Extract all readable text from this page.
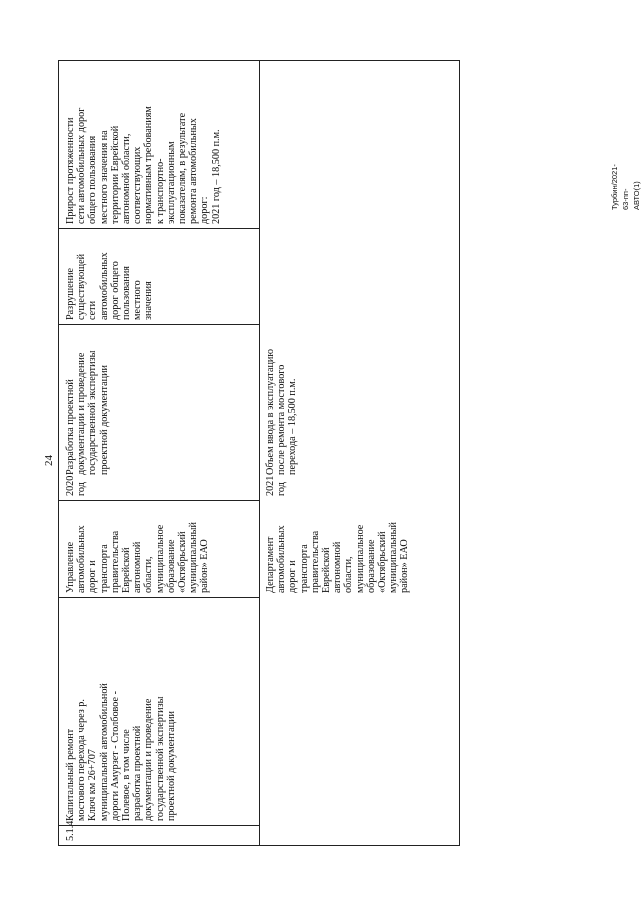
24
Турбин/2021-63-пп-АВТО(1)
5.1.4
Капитальный ремонт
мостового перехода через р.
Ключ км 26+707
муниципальной автомобильной
дороги Амурзет - Столбовое -
Полевое, в том числе
разработка проектной
документации и проведение
государственной экспертизы
проектной документации
Управление
автомобильных
дорог и
транспорта
правительства
Еврейской
автономной
области,
муниципальное
образование
«Октябрьский
муниципальный
район» ЕАО	Департамент
автомобильных
дорог и
транспорта
правительства
Еврейской
автономной
области,
муниципальное
образование
«Октябрьский
муниципальный
район» ЕАО
2020
год	2021
год
Разработка проектной
документации и проведение
государственной экспертизы
проектной документации
Объем ввода в эксплуатацию
после ремонта мостового
перехода – 18,500 п.м.
Разрушение
существующей
сети
автомобильных
дорог общего
пользования
местного
значения
Прирост протяженности
сети автомобильных дорог
общего пользования
местного значения на
территории Еврейской
автономной области,
соответствующих
нормативным требованиям
к транспортно-
эксплуатационным
показателям, в результате
ремонта автомобильных
дорог:
2021 год – 18,500 п.м.
